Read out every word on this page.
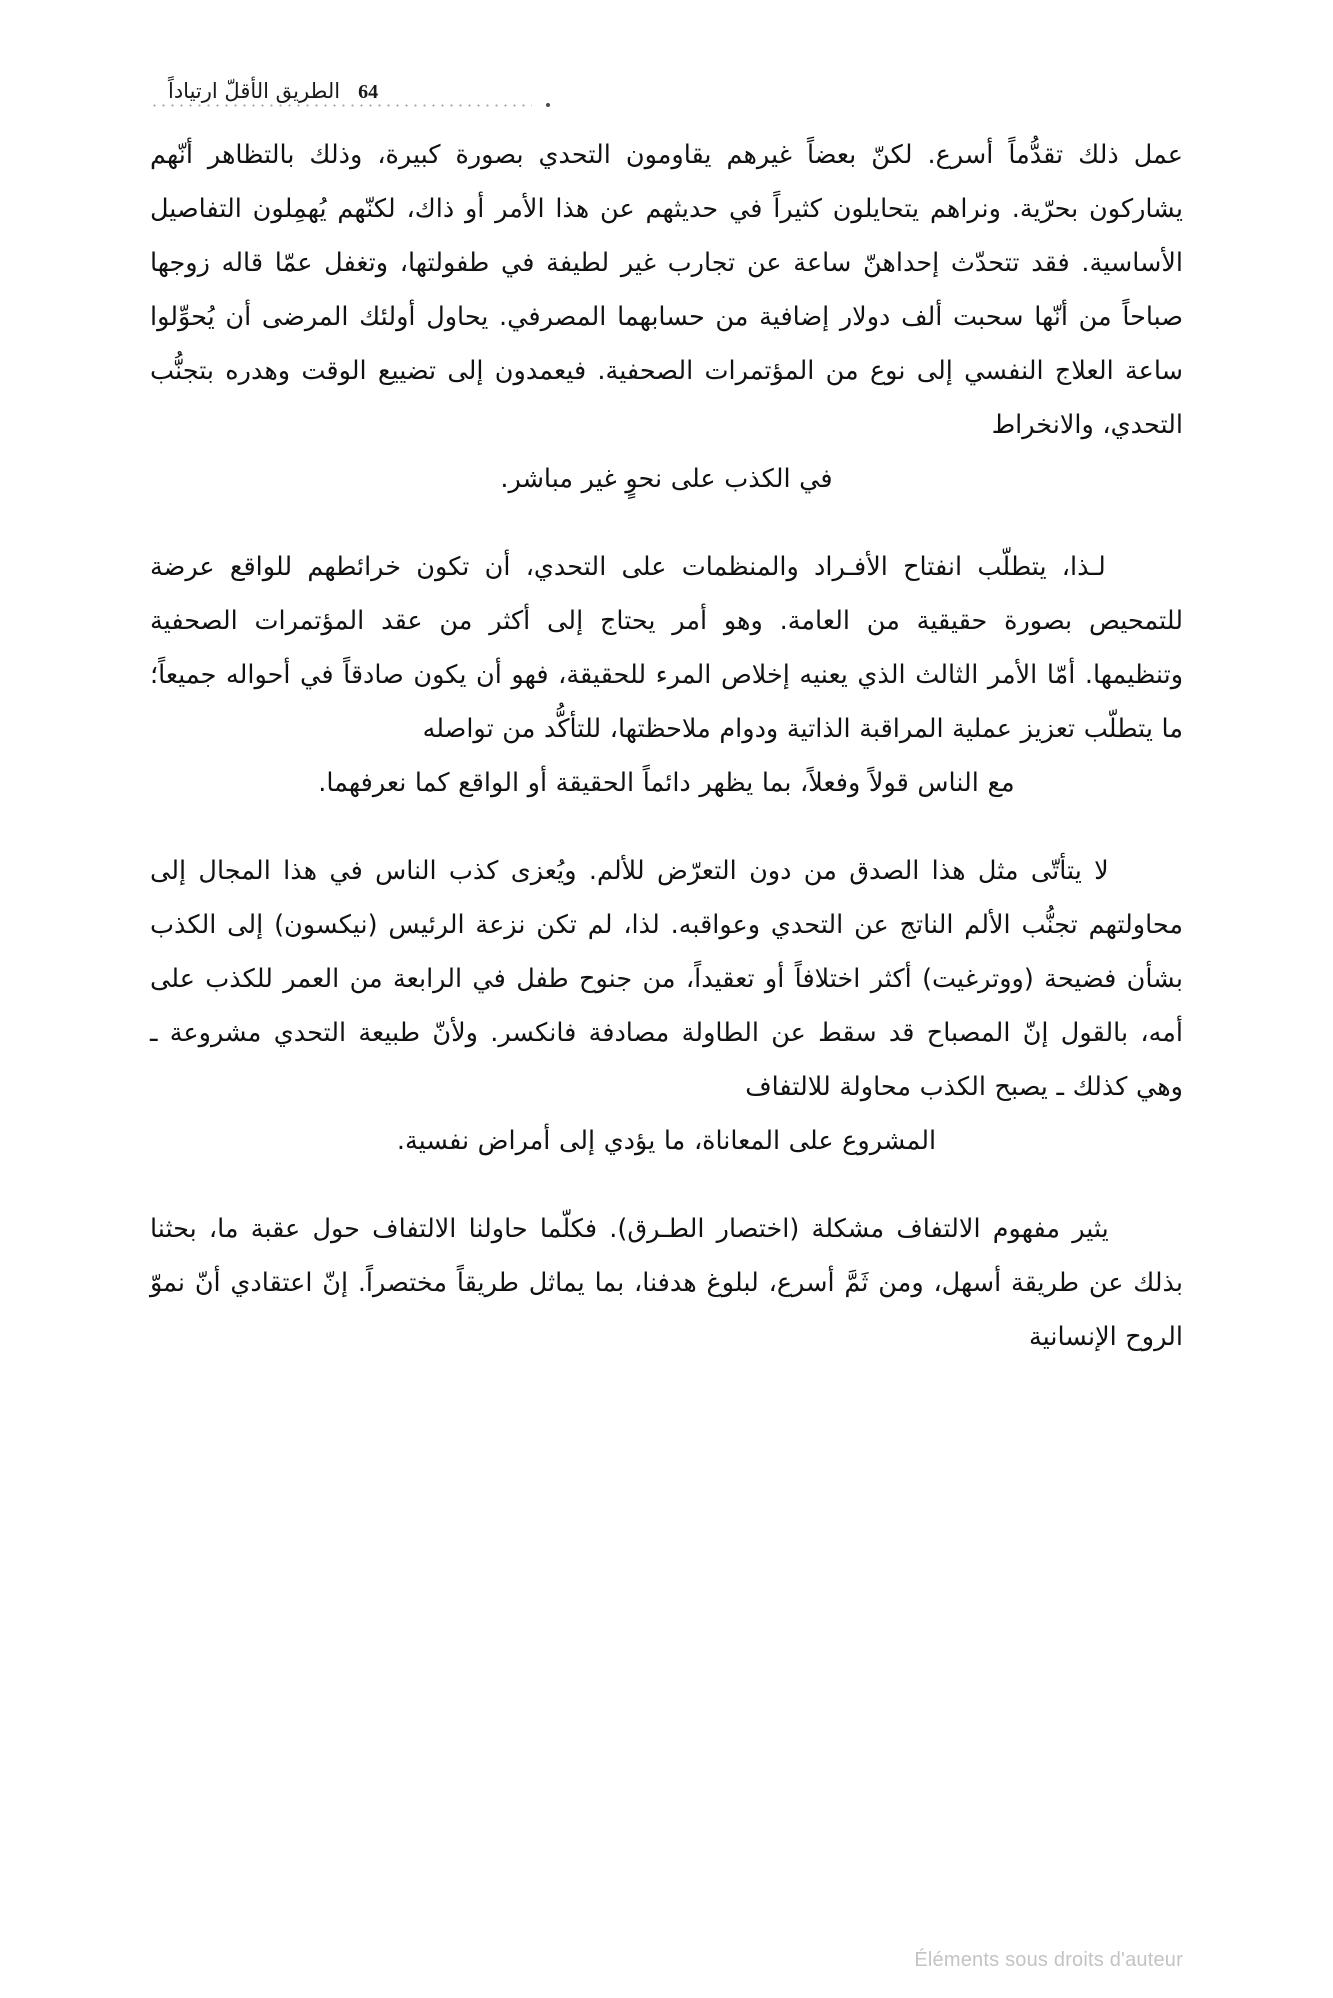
الطريق الأقلّ ارتياداً 64

عمل ذلك تقدُّماً أسرع. لكنّ بعضاً غيرهم يقاومون التحدي بصورة كبيرة، وذلك بالتظاهر أنّهم يشاركون بحرّية. ونراهم يتحايلون كثيراً في حديثهم عن هذا الأمر أو ذاك، لكنّهم يُهمِلون التفاصيل الأساسية. فقد تتحدّث إحداهنّ ساعة عن تجارب غير لطيفة في طفولتها، وتغفل عمّا قاله زوجها صباحاً من أنّها سحبت ألف دولار إضافية من حسابهما المصرفي. يحاول أولئك المرضى أن يُحوِّلوا ساعة العلاج النفسي إلى نوع من المؤتمرات الصحفية. فيعمدون إلى تضييع الوقت وهدره بتجنُّب التحدي، والانخراط
في الكذب على نحوٍ غير مباشر.

لـذا، يتطلّب انفتاح الأفـراد والمنظمات على التحدي، أن تكون خرائطهم للواقع عرضة للتمحيص بصورة حقيقية من العامة. وهو أمر يحتاج إلى أكثر من عقد المؤتمرات الصحفية وتنظيمها. أمّا الأمر الثالث الذي يعنيه إخلاص المرء للحقيقة، فهو أن يكون صادقاً في أحواله جميعاً؛ ما يتطلّب تعزيز عملية المراقبة الذاتية ودوام ملاحظتها، للتأكُّد من تواصله
مع الناس قولاً وفعلاً، بما يظهر دائماً الحقيقة أو الواقع كما نعرفهما.

لا يتأتّى مثل هذا الصدق من دون التعرّض للألم. ويُعزى كذب الناس في هذا المجال إلى محاولتهم تجنُّب الألم الناتج عن التحدي وعواقبه. لذا، لم تكن نزعة الرئيس (نيكسون) إلى الكذب بشأن فضيحة (ووترغيت) أكثر اختلافاً أو تعقيداً، من جنوح طفل في الرابعة من العمر للكذب على أمه، بالقول إنّ المصباح قد سقط عن الطاولة مصادفة فانكسر. ولأنّ طبيعة التحدي مشروعة ـ وهي كذلك ـ يصبح الكذب محاولة للالتفاف
المشروع على المعاناة، ما يؤدي إلى أمراض نفسية.

يثير مفهوم الالتفاف مشكلة (اختصار الطـرق). فكلّما حاولنا الالتفاف حول عقبة ما، بحثنا بذلك عن طريقة أسهل، ومن ثَمَّ أسرع، لبلوغ هدفنا، بما يماثل طريقاً مختصراً. إنّ اعتقادي أنّ نموّ الروح الإنسانية

Éléments sous droits d'auteur
